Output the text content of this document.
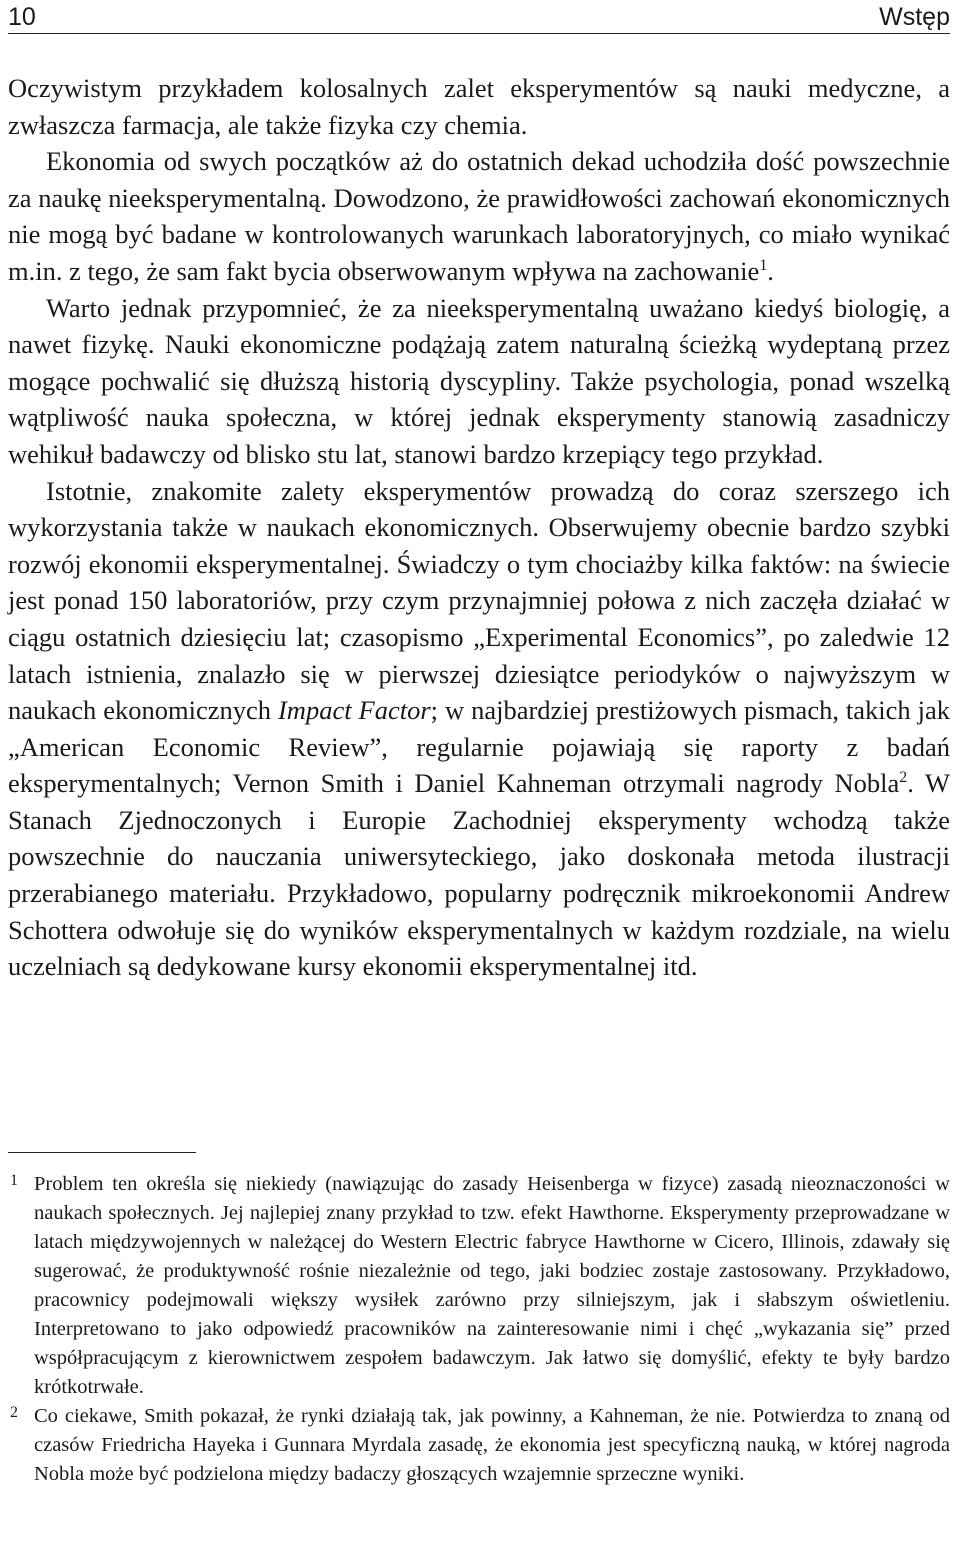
10	Wstęp

Oczywistym przykładem kolosalnych zalet eksperymentów są nauki medyczne, a zwłaszcza farmacja, ale także fizyka czy chemia.

Ekonomia od swych początków aż do ostatnich dekad uchodziła dość powszechnie za naukę nieeksperymentalną. Dowodzono, że prawidłowości zachowań ekonomicznych nie mogą być badane w kontrolowanych warunkach laboratoryjnych, co miało wynikać m.in. z tego, że sam fakt bycia obserwowanym wpływa na zachowanie$^1$.

Warto jednak przypomnieć, że za nieeksperymentalną uważano kiedyś biologię, a nawet fizykę. Nauki ekonomiczne podążają zatem naturalną ścieżką wydeptaną przez mogące pochwalić się dłuższą historią dyscypliny. Także psychologia, ponad wszelką wątpliwość nauka społeczna, w której jednak eksperymenty stanowią zasadniczy wehikuł badawczy od blisko stu lat, stanowi bardzo krzepiący tego przykład.

Istotnie, znakomite zalety eksperymentów prowadzą do coraz szerszego ich wykorzystania także w naukach ekonomicznych. Obserwujemy obecnie bardzo szybki rozwój ekonomii eksperymentalnej. Świadczy o tym chociażby kilka faktów: na świecie jest ponad 150 laboratoriów, przy czym przynajmniej połowa z nich zaczęła działać w ciągu ostatnich dziesięciu lat; czasopismo „Experimental Economics”, po zaledwie 12 latach istnienia, znalazło się w pierwszej dziesiątce periodyków o najwyższym w naukach ekonomicznych Impact Factor; w najbardziej prestiżowych pismach, takich jak „American Economic Review”, regularnie pojawiają się raporty z badań eksperymentalnych; Vernon Smith i Daniel Kahneman otrzymali nagrody Nobla$^2$. W Stanach Zjednoczonych i Europie Zachodniej eksperymenty wchodzą także powszechnie do nauczania uniwersyteckiego, jako doskonała metoda ilustracji przerabianego materiału. Przykładowo, popularny podręcznik mikroekonomii Andrew Schottera odwołuje się do wyników eksperymentalnych w każdym rozdziale, na wielu uczelniach są dedykowane kursy ekonomii eksperymentalnej itd.

1 Problem ten określa się niekiedy (nawiązując do zasady Heisenberga w fizyce) zasadą nieoznaczoności w naukach społecznych. Jej najlepiej znany przykład to tzw. efekt Hawthorne. Eksperymenty przeprowadzane w latach międzywojennych w należącej do Western Electric fabryce Hawthorne w Cicero, Illinois, zdawały się sugerować, że produktywność rośnie niezależnie od tego, jaki bodziec zostaje zastosowany. Przykładowo, pracownicy podejmowali większy wysiłek zarówno przy silniejszym, jak i słabszym oświetleniu. Interpretowano to jako odpowiedź pracowników na zainteresowanie nimi i chęć „wykazania się” przed współpracującym z kierownictwem zespołem badawczym. Jak łatwo się domyślić, efekty te były bardzo krótkotrwałe.

2 Co ciekawe, Smith pokazał, że rynki działają tak, jak powinny, a Kahneman, że nie. Potwierdza to znaną od czasów Friedricha Hayeka i Gunnara Myrdala zasadę, że ekonomia jest specyficzną nauką, w której nagroda Nobla może być podzielona między badaczy głoszących wzajemnie sprzeczne wyniki.
